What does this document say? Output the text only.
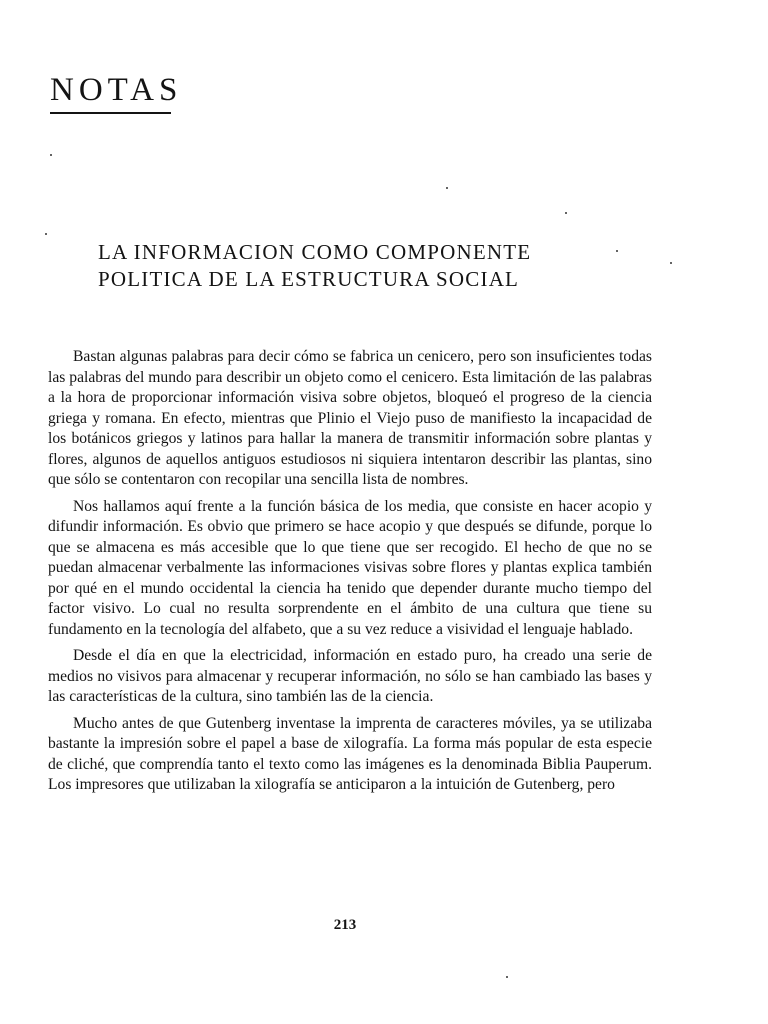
NOTAS
LA INFORMACION COMO COMPONENTE
POLITICA DE LA ESTRUCTURA SOCIAL

Bastan algunas palabras para decir cómo se fabrica un cenicero, pero son insuficientes todas las palabras del mundo para describir un objeto como el cenicero. Esta limitación de las palabras a la hora de proporcionar información visiva sobre objetos, bloqueó el progreso de la ciencia griega y romana. En efecto, mientras que Plinio el Viejo puso de manifiesto la incapacidad de los botánicos griegos y latinos para hallar la manera de transmitir información sobre plantas y flores, algunos de aquellos antiguos estudiosos ni siquiera intentaron describir las plantas, sino que sólo se contentaron con recopilar una sencilla lista de nombres.

Nos hallamos aquí frente a la función básica de los media, que consiste en hacer acopio y difundir información. Es obvio que primero se hace acopio y que después se difunde, porque lo que se almacena es más accesible que lo que tiene que ser recogido. El hecho de que no se puedan almacenar verbalmente las informaciones visivas sobre flores y plantas explica también por qué en el mundo occidental la ciencia ha tenido que depender durante mucho tiempo del factor visivo. Lo cual no resulta sorprendente en el ámbito de una cultura que tiene su fundamento en la tecnología del alfabeto, que a su vez reduce a visividad el lenguaje hablado.

Desde el día en que la electricidad, información en estado puro, ha creado una serie de medios no visivos para almacenar y recuperar información, no sólo se han cambiado las bases y las características de la cultura, sino también las de la ciencia.

Mucho antes de que Gutenberg inventase la imprenta de caracteres móviles, ya se utilizaba bastante la impresión sobre el papel a base de xilografía. La forma más popular de esta especie de cliché, que comprendía tanto el texto como las imágenes es la denominada Biblia Pauperum. Los impresores que utilizaban la xilografía se anticiparon a la intuición de Gutenberg, pero

213
